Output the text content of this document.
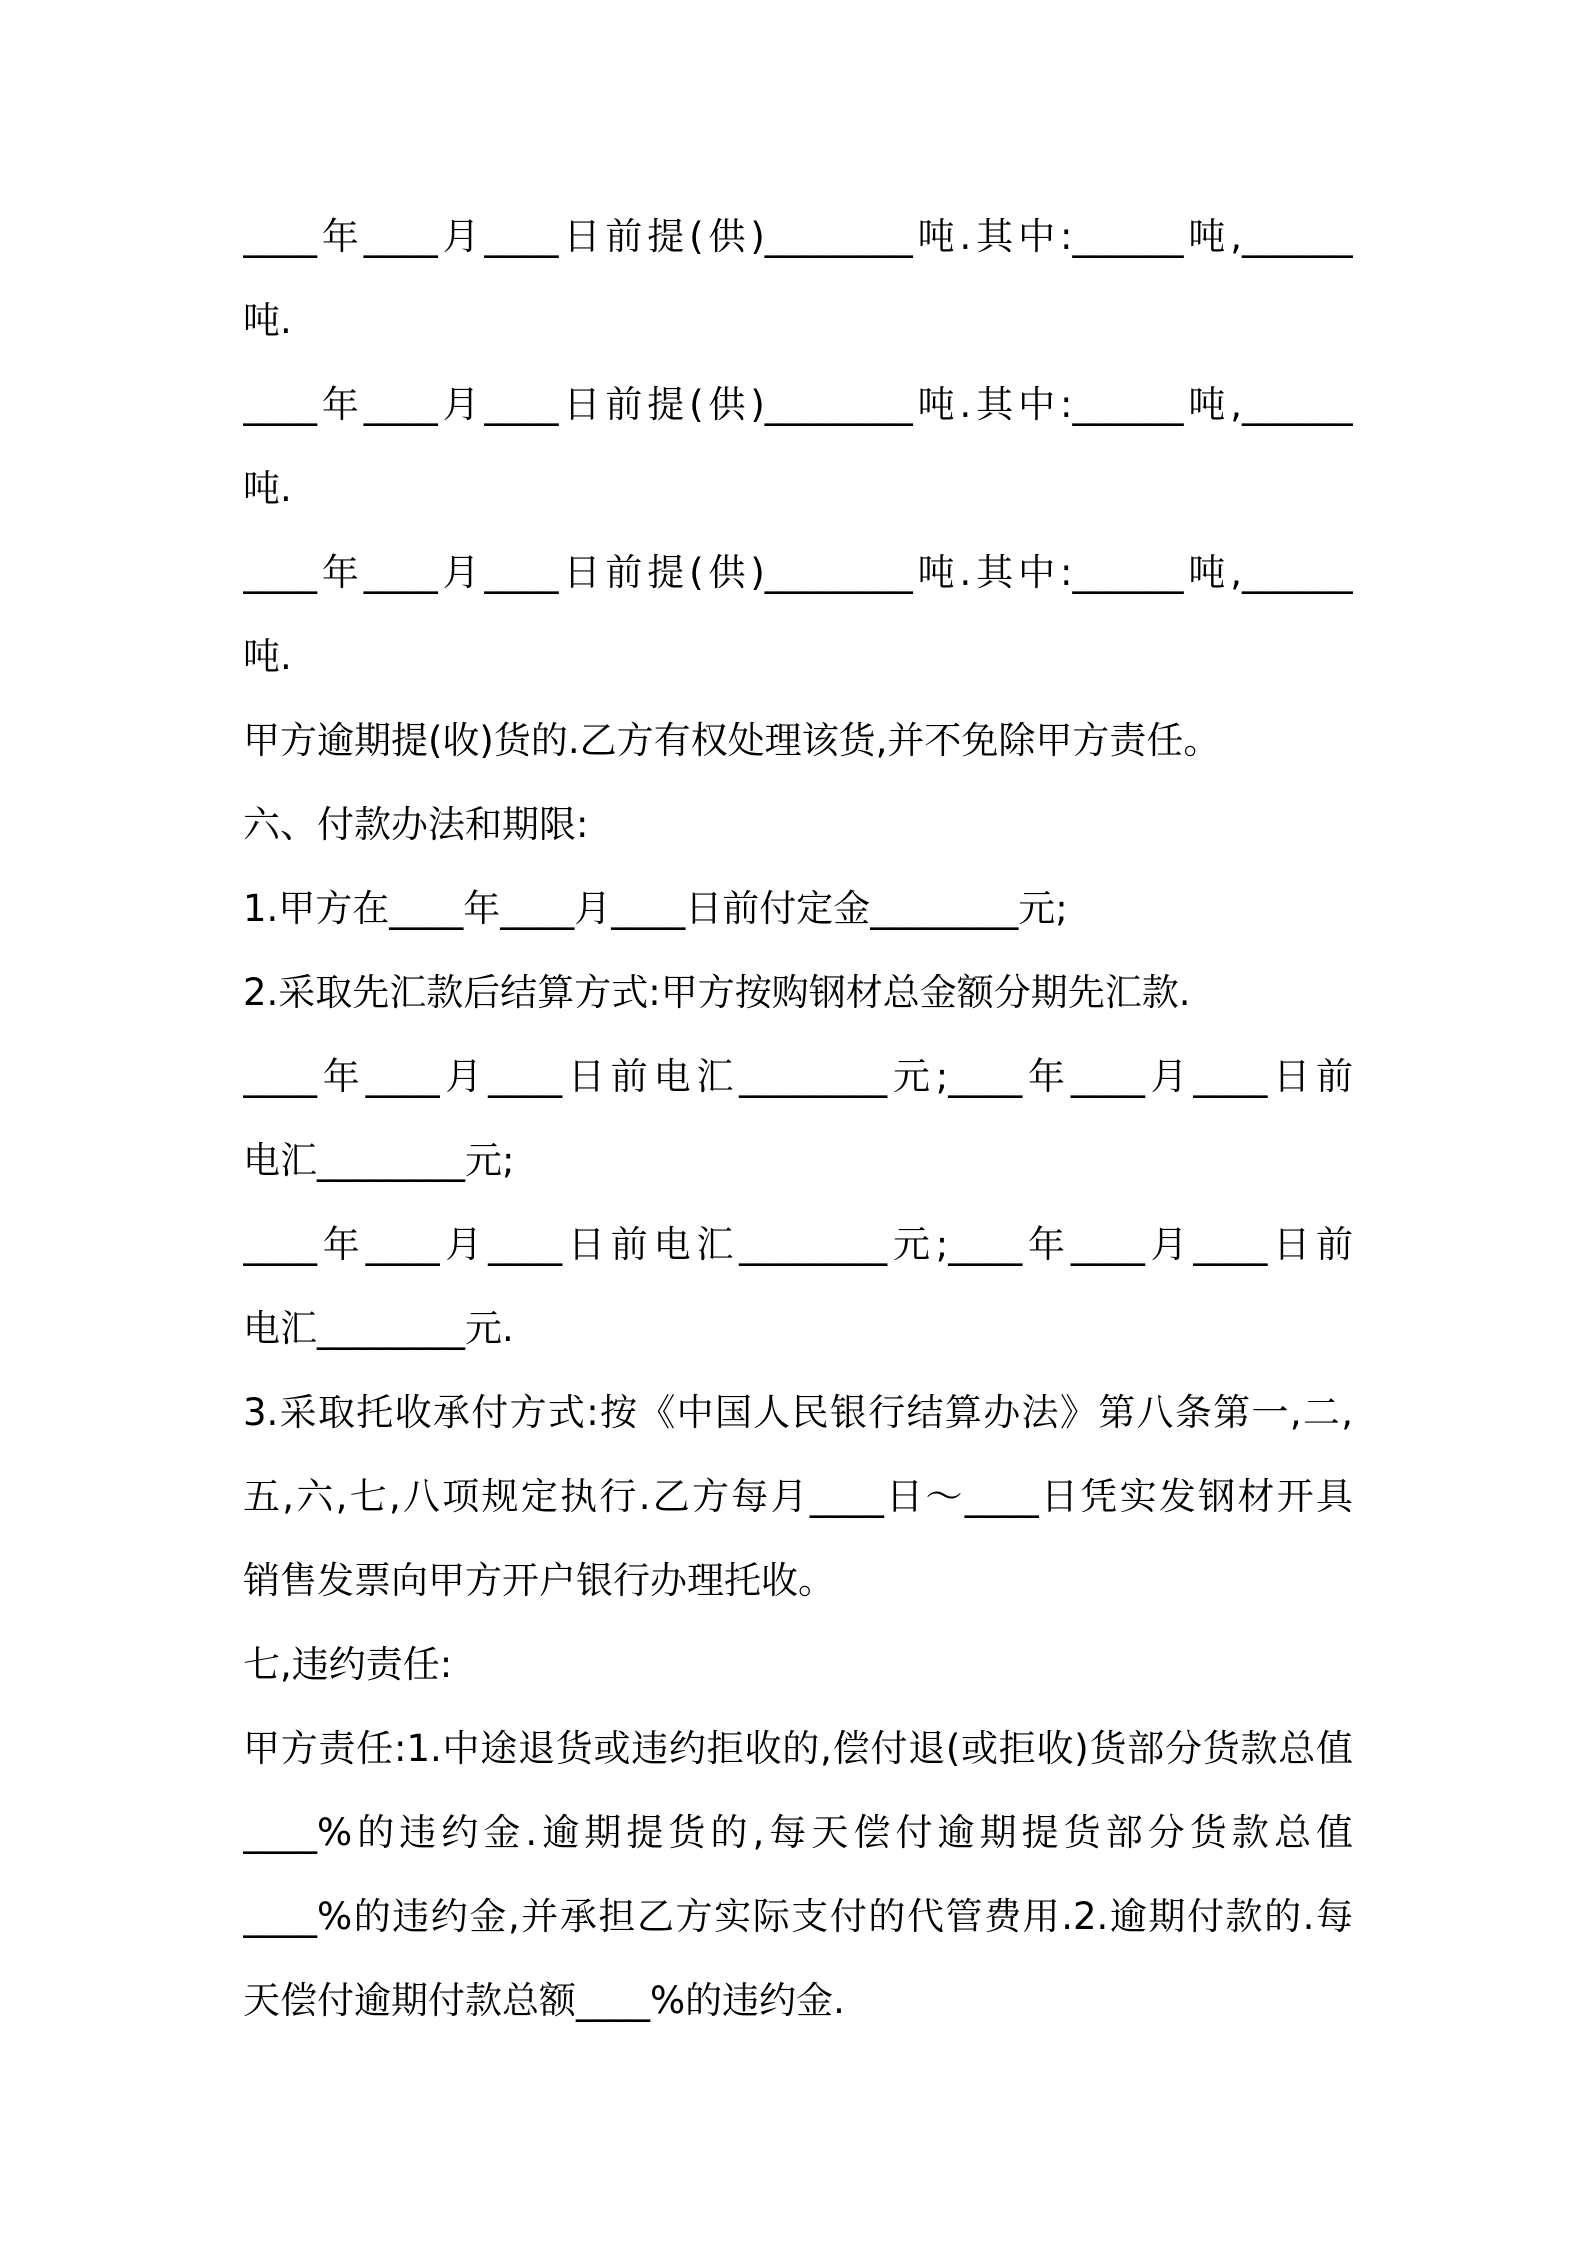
____年____月____日前提(供)________吨.其中:______吨,______
吨.
____年____月____日前提(供)________吨.其中:______吨,______
吨.
____年____月____日前提(供)________吨.其中:______吨,______
吨.
甲方逾期提(收)货的.乙方有权处理该货,并不免除甲方责任。
六、付款办法和期限:
1.甲方在____年____月____日前付定金________元;
2.采取先汇款后结算方式:甲方按购钢材总金额分期先汇款.
____年____月____日前电汇________元;____年____月____日前
电汇________元;
____年____月____日前电汇________元;____年____月____日前
电汇________元.
3.采取托收承付方式:按《中国人民银行结算办法》第八条第一,二,
五,六,七,八项规定执行.乙方每月____日～____日凭实发钢材开具
销售发票向甲方开户银行办理托收。
七,违约责任:
甲方责任:1.中途退货或违约拒收的,偿付退(或拒收)货部分货款总值
____%的违约金.逾期提货的,每天偿付逾期提货部分货款总值
____%的违约金,并承担乙方实际支付的代管费用.2.逾期付款的.每
天偿付逾期付款总额____%的违约金.
